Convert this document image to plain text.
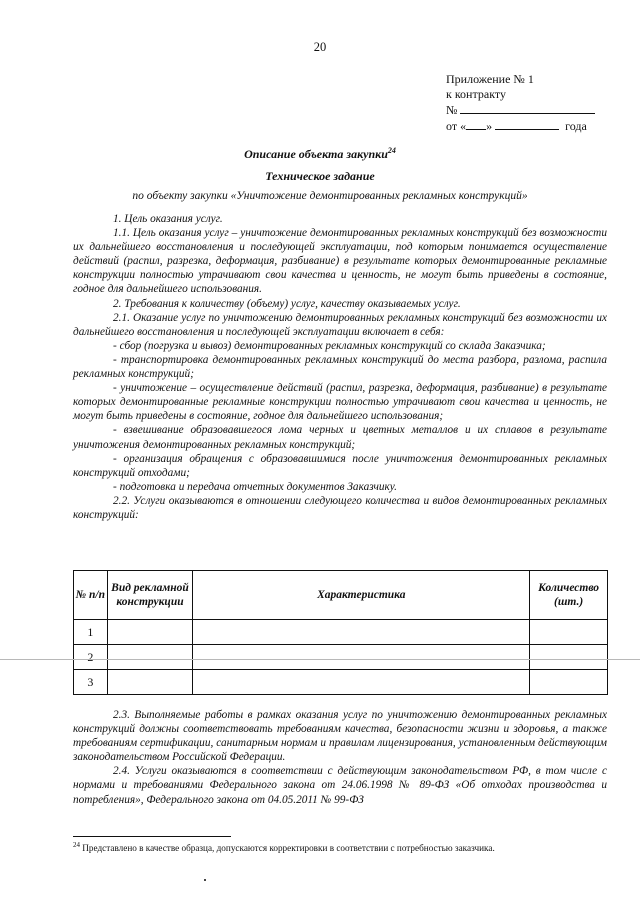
20
Приложение № 1
к контракту
№
от « »	года
Описание объекта закупки$^{24}$
Техническое задание
по объекту закупки «Уничтожение демонтированных рекламных конструкций»

1. Цель оказания услуг.

1.1. Цель оказания услуг – уничтожение демонтированных рекламных конструкций без возможности их дальнейшего восстановления и последующей эксплуатации, под которым понимается осуществление действий (распил, разрезка, деформация, разбивание) в результате которых демонтированные рекламные конструкции полностью утрачивают свои качества и ценность, не могут быть приведены в состояние, годное для дальнейшего использования.

2. Требования к количеству (объему) услуг, качеству оказываемых услуг.

2.1. Оказание услуг по уничтожению демонтированных рекламных конструкций без возможности их дальнейшего восстановления и последующей эксплуатации включает в себя:

- сбор (погрузка и вывоз) демонтированных рекламных конструкций со склада Заказчика;

- транспортировка демонтированных рекламных конструкций до места разбора, разлома, распила рекламных конструкций;

- уничтожение – осуществление действий (распил, разрезка, деформация, разбивание) в результате которых демонтированные рекламные конструкции полностью утрачивают свои качества и ценность, не могут быть приведены в состояние, годное для дальнейшего использования;

- взвешивание образовавшегося лома черных и цветных металлов и их сплавов в результате уничтожения демонтированных рекламных конструкций;

- организация обращения с образовавшимися после уничтожения демонтированных рекламных конструкций отходами;

- подготовка и передача отчетных документов Заказчику.

2.2. Услуги оказываются в отношении следующего количества и видов демонтированных рекламных конструкций:

№ п/п	Вид рекламной конструкции	Характеристика	Количество (шт.)
1			
2			
3			

2.3. Выполняемые работы в рамках оказания услуг по уничтожению демонтированных рекламных конструкций должны соответствовать требованиям качества, безопасности жизни и здоровья, а также требованиям сертификации, санитарным нормам и правилам лицензирования, установленным действующим законодательством Российской Федерации.

2.4. Услуги оказываются в соответствии с действующим законодательством РФ, в том числе с нормами и требованиями Федерального закона от 24.06.1998 № 89-ФЗ «Об отходах производства и потребления», Федерального закона от 04.05.2011 № 99-ФЗ

$^{24}$ Представлено в качестве образца, допускаются корректировки в соответствии с потребностью заказчика.
